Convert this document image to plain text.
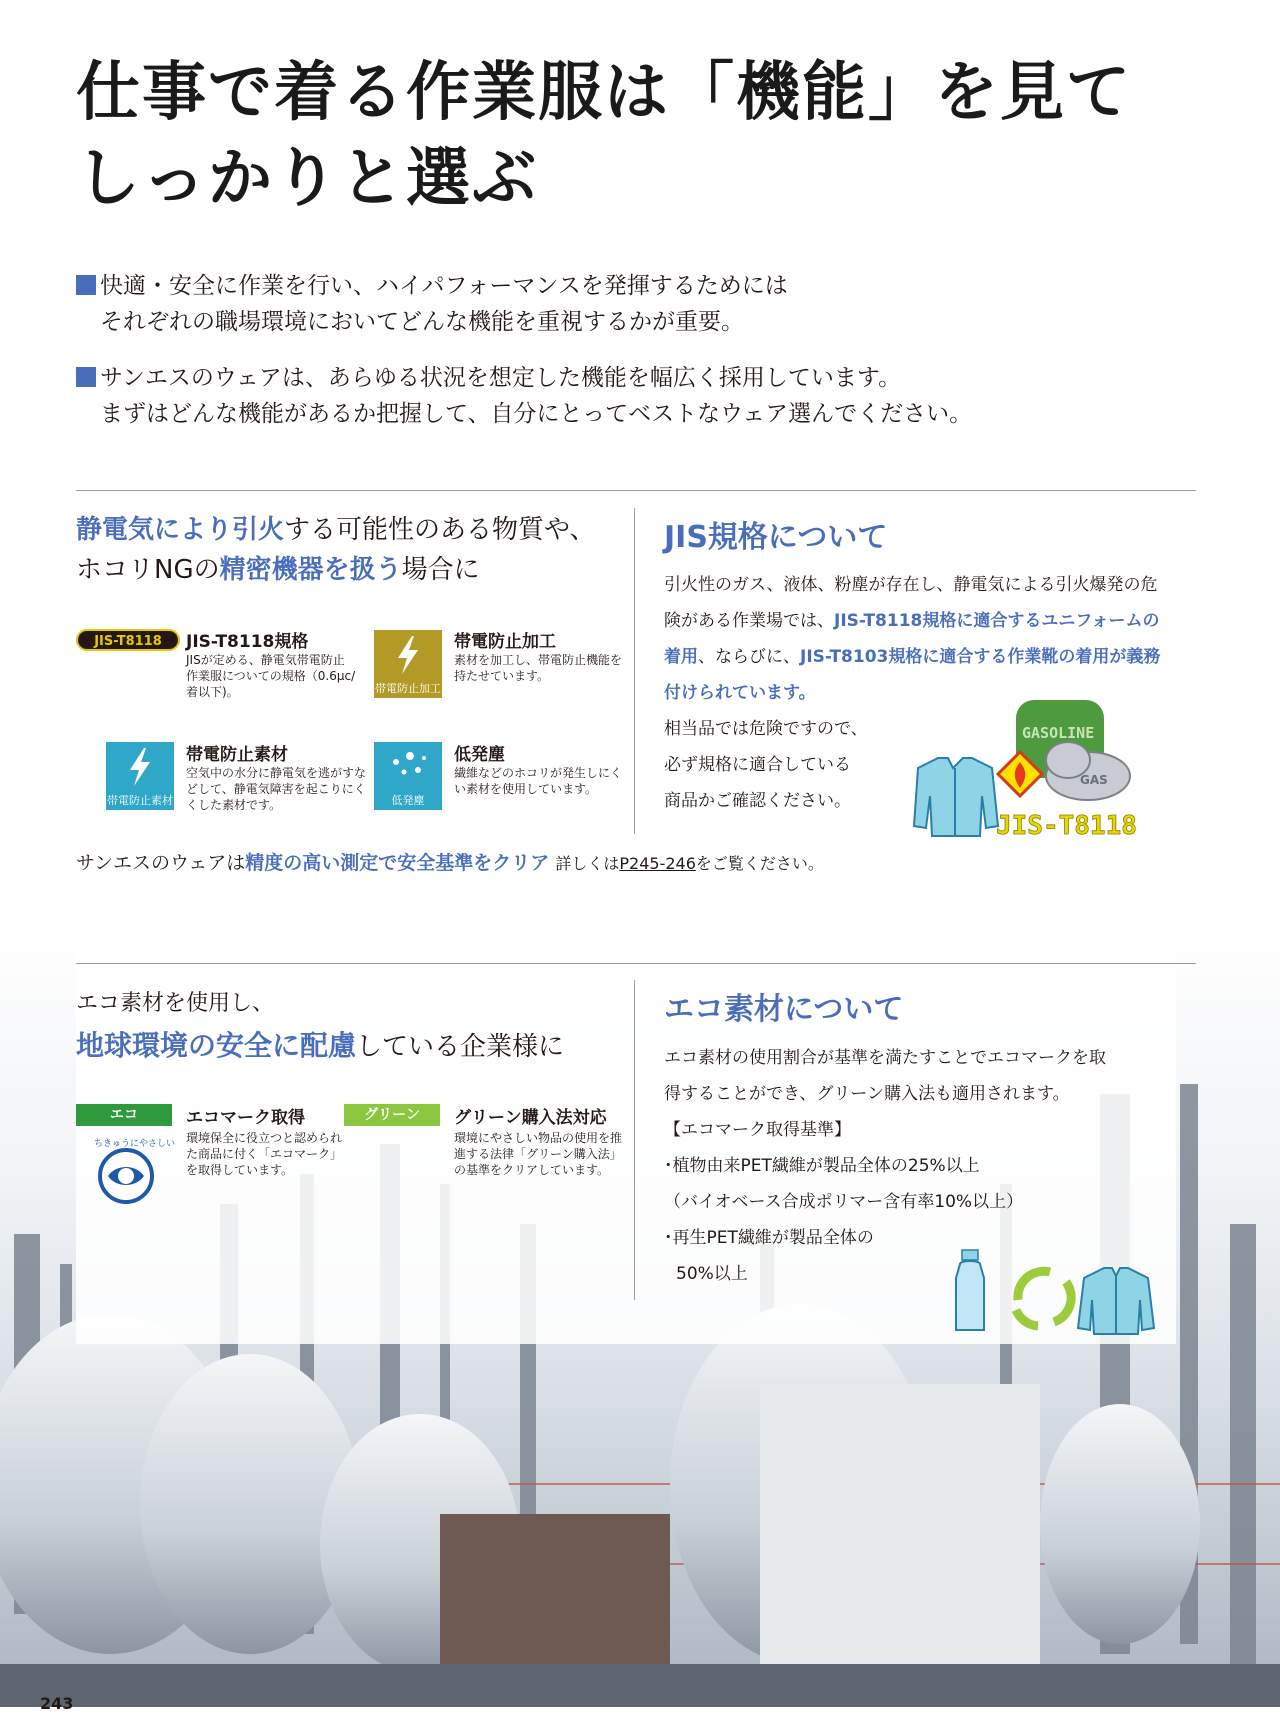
仕事で着る作業服は「機能」を見て
しっかりと選ぶ
快適・安全に作業を行い、ハイパフォーマンスを発揮するためには
それぞれの職場環境においてどんな機能を重視するかが重要。
サンエスのウェアは、あらゆる状況を想定した機能を幅広く採用しています。
まずはどんな機能があるか把握して、自分にとってベストなウェア選んでください。
静電気により引火する可能性のある物質や、
ホコリNGの精密機器を扱う場合に
JIS-T8118	JIS-T8118規格
JISが定める、静電気帯電防止作業服についての規格（0.6μc/着以下)。	帯電防止加工
帯電防止加工
素材を加工し、帯電防止機能を持たせています。
帯電防止素材
帯電防止素材
空気中の水分に静電気を逃がすなどして、静電気障害を起こりにくくした素材です。	低発塵
低発塵
繊維などのホコリが発生しにくい素材を使用しています。
JIS規格について
引火性のガス、液体、粉塵が存在し、静電気による引火爆発の危険がある作業場では、JIS-T8118規格に適合するユニフォームの着用、ならびに、JIS-T8103規格に適合する作業靴の着用が義務付けられています。
相当品では危険ですので、
必ず規格に適合している
商品かご確認ください。
GASOLINE
GAS
JIS-T8118
サンエスのウェアは精度の高い測定で安全基準をクリア 詳しくはP245-246をご覧ください。
エコ素材を使用し、
地球環境の安全に配慮している企業様に
エコ
ちきゅうにやさしい
エコマーク取得
環境保全に役立つと認められた商品に付く「エコマーク」を取得しています。
グリーン	グリーン購入法対応
環境にやさしい物品の使用を推進する法律「グリーン購入法」の基準をクリアしています。
エコ素材について
エコ素材の使用割合が基準を満たすことでエコマークを取
得することができ、グリーン購入法も適用されます。
【エコマーク取得基準】
･植物由来PET繊維が製品全体の25%以上
（バイオベース合成ポリマー含有率10%以上）
･再生PET繊維が製品全体の
50%以上
243
